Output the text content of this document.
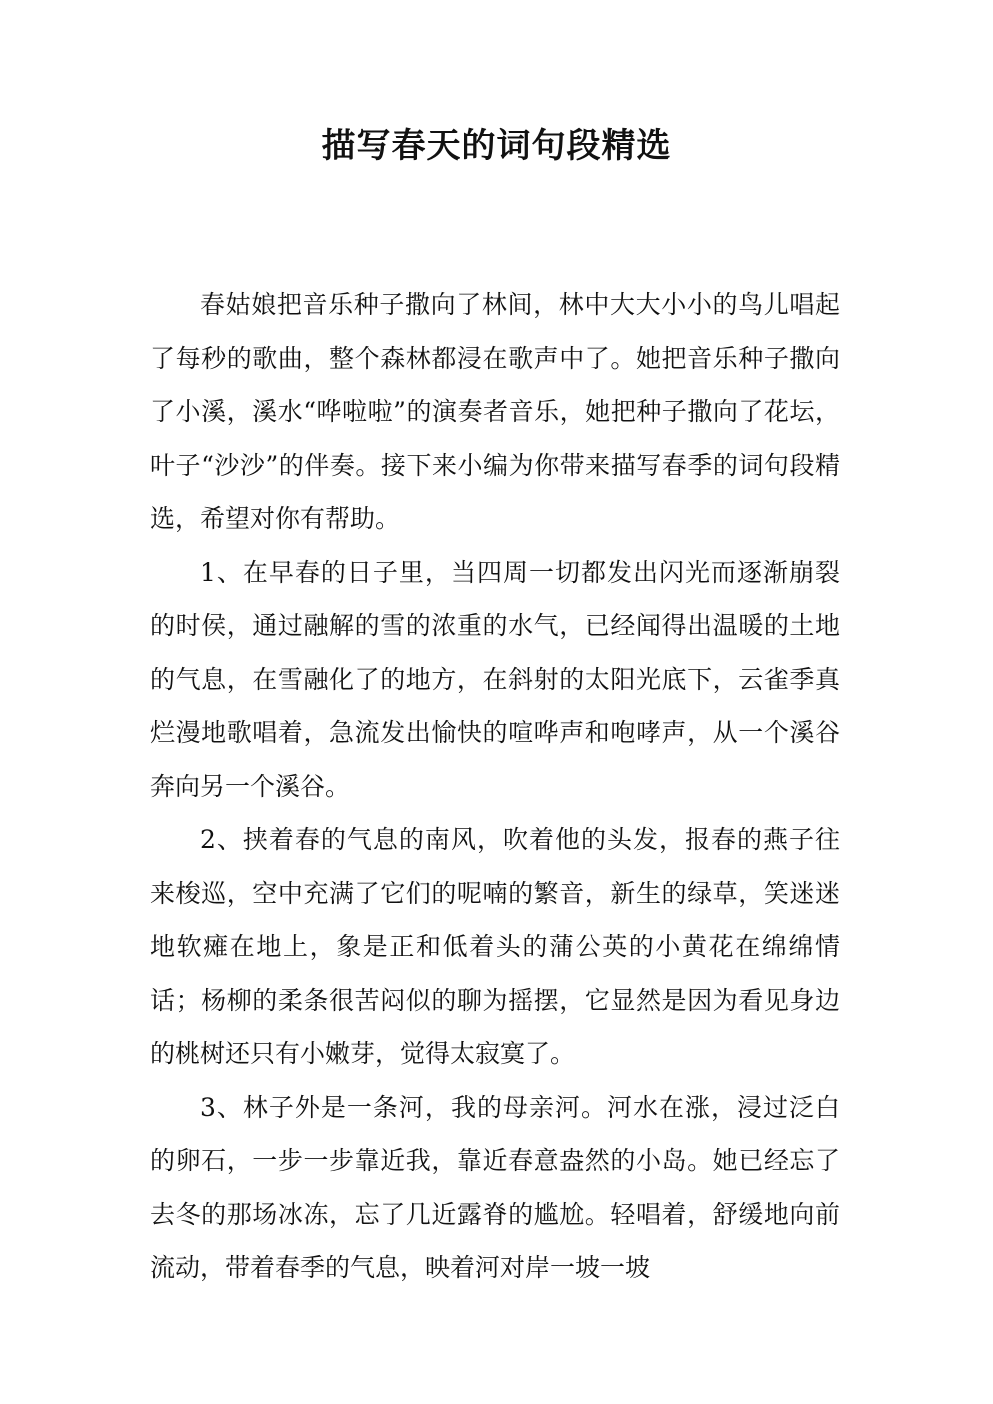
描写春天的词句段精选

春姑娘把音乐种子撒向了林间，林中大大小小的鸟儿唱起了每秒的歌曲，整个森林都浸在歌声中了。她把音乐种子撒向了小溪，溪水“哗啦啦”的演奏者音乐，她把种子撒向了花坛，叶子“沙沙”的伴奏。接下来小编为你带来描写春季的词句段精选，希望对你有帮助。

1、在早春的日子里，当四周一切都发出闪光而逐渐崩裂的时侯，通过融解的雪的浓重的水气，已经闻得出温暖的土地的气息，在雪融化了的地方，在斜射的太阳光底下，云雀季真烂漫地歌唱着，急流发出愉快的喧哗声和咆哮声，从一个溪谷奔向另一个溪谷。

2、挟着春的气息的南风，吹着他的头发，报春的燕子往来梭巡，空中充满了它们的呢喃的繁音，新生的绿草，笑迷迷地软瘫在地上，象是正和低着头的蒲公英的小黄花在绵绵情话；杨柳的柔条很苦闷似的聊为摇摆，它显然是因为看见身边的桃树还只有小嫩芽，觉得太寂寞了。

3、林子外是一条河，我的母亲河。河水在涨，浸过泛白的卵石，一步一步靠近我，靠近春意盎然的小岛。她已经忘了去冬的那场冰冻，忘了几近露脊的尴尬。轻唱着，舒缓地向前流动，带着春季的气息，映着河对岸一坡一坡
